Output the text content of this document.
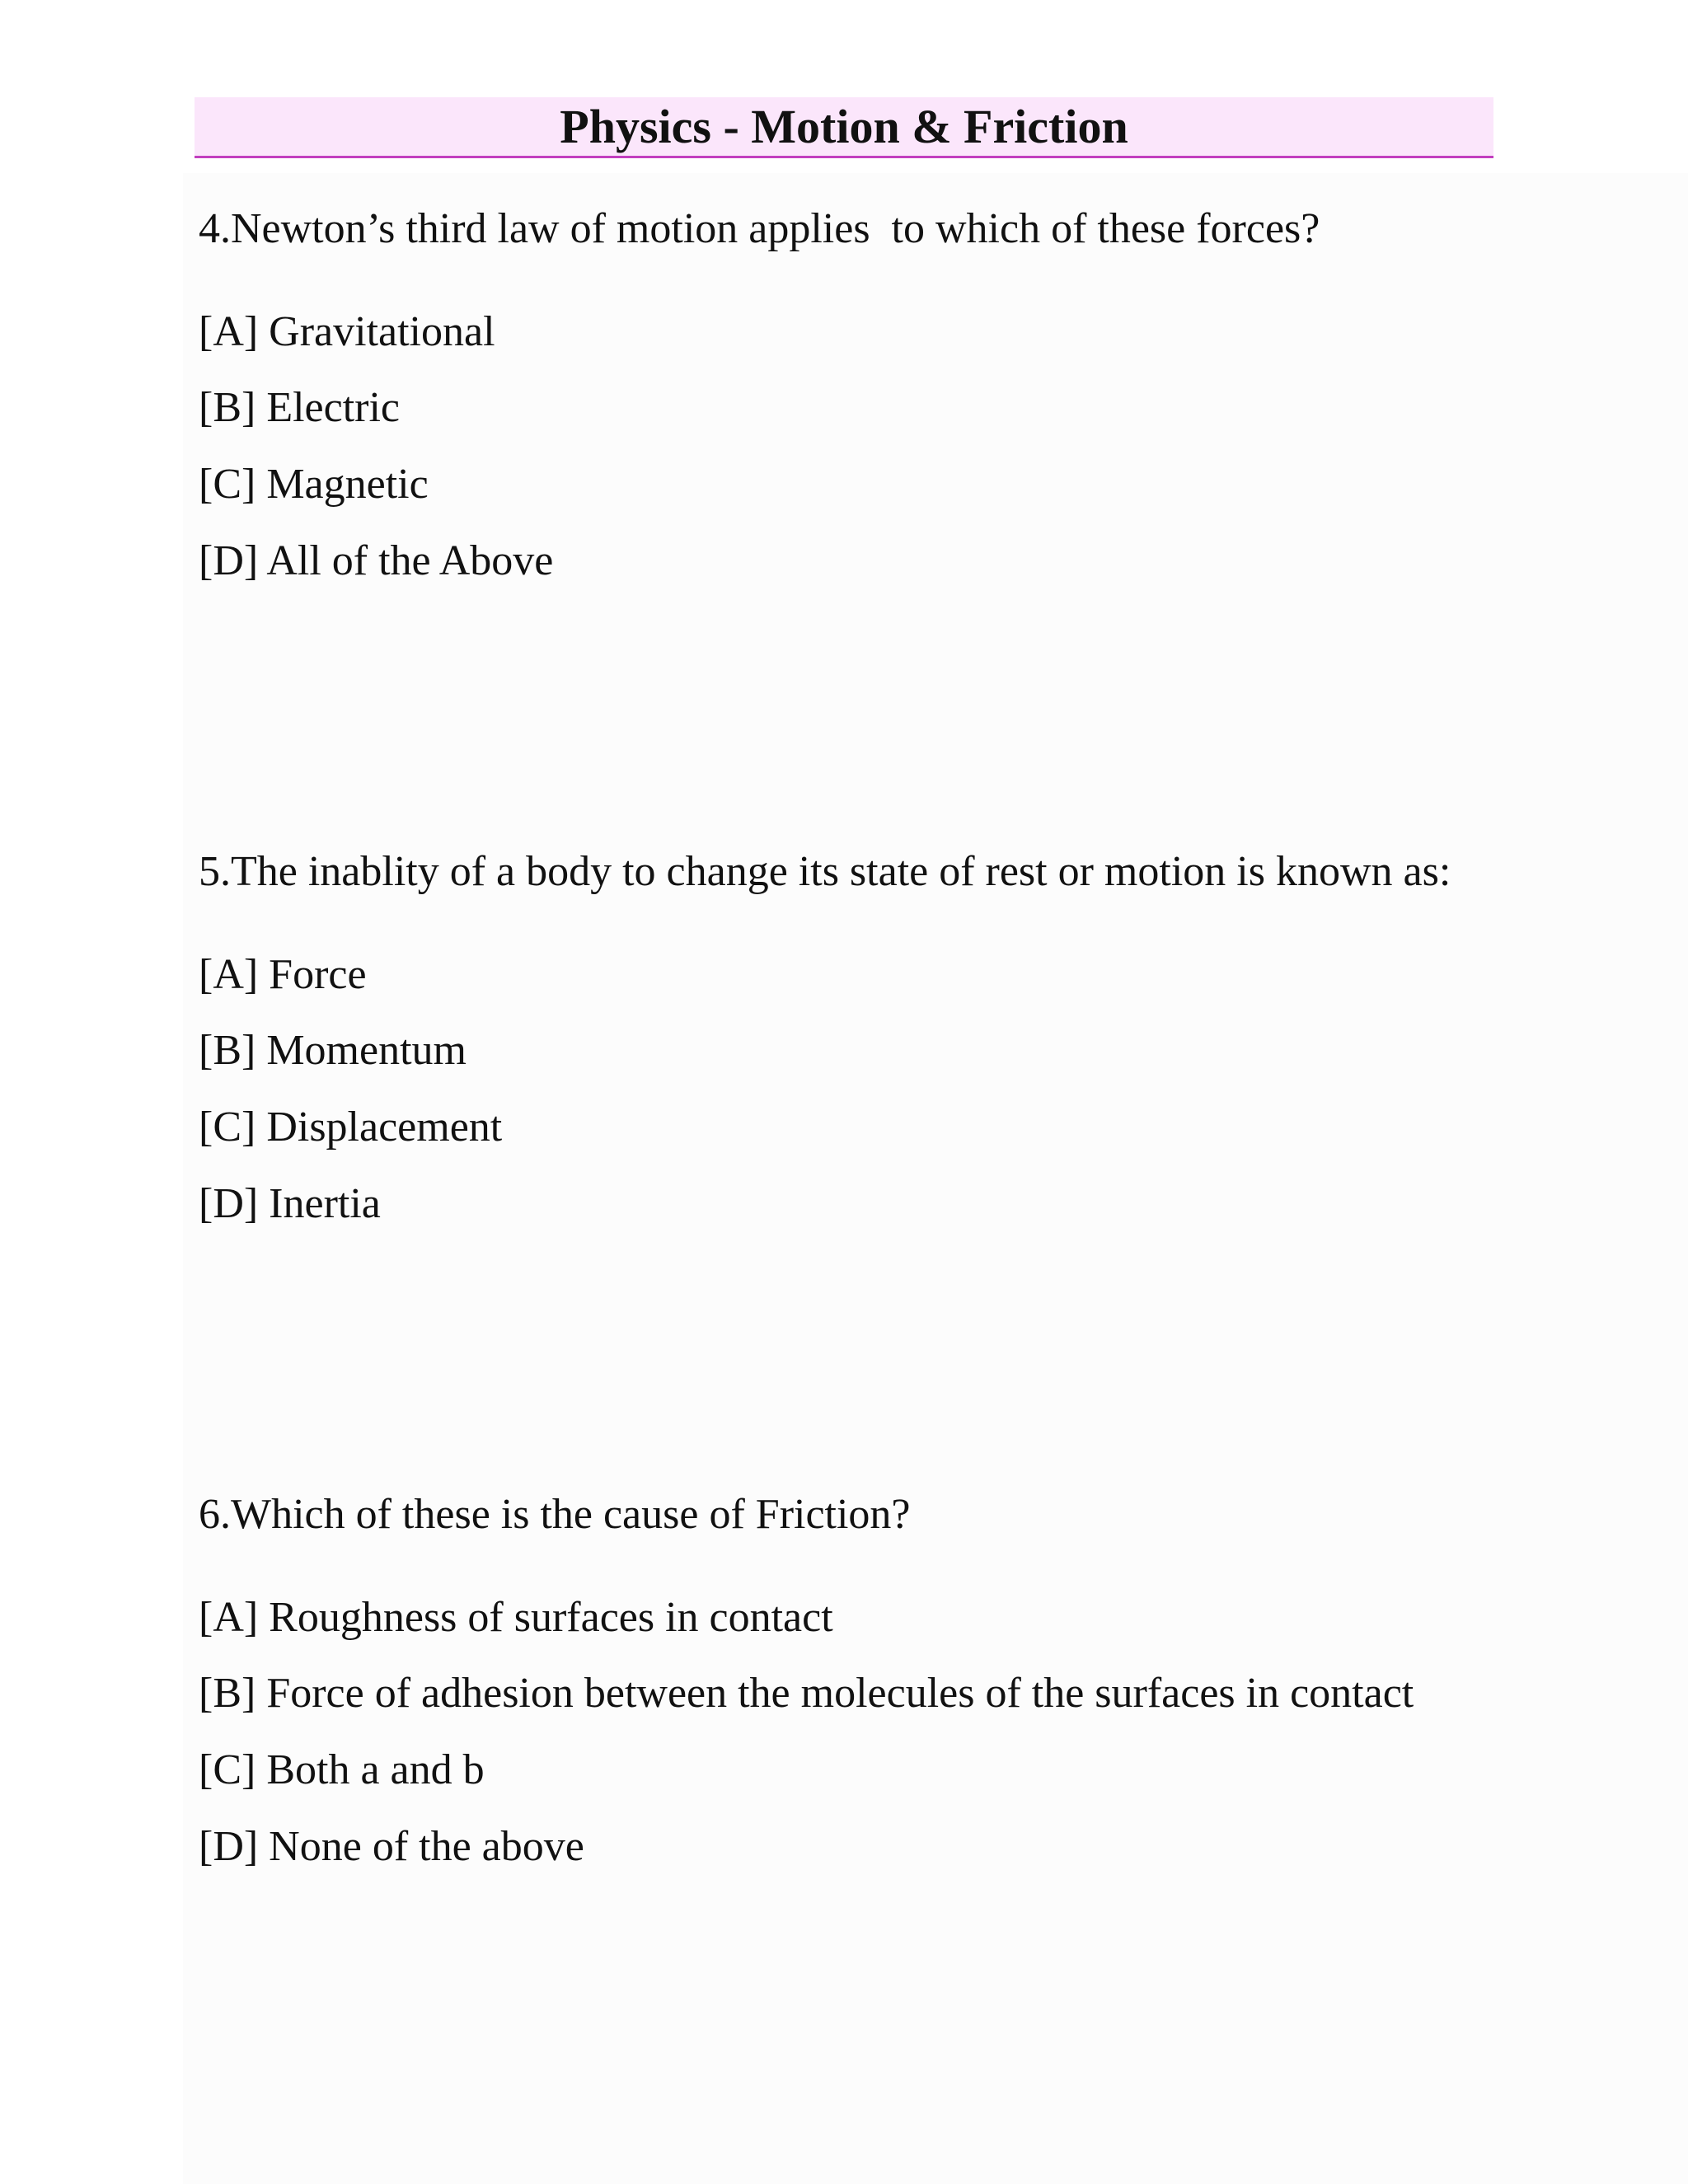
Physics - Motion & Friction

4.Newton’s third law of motion applies  to which of these forces?

[A] Gravitational
[B] Electric
[C] Magnetic
[D] All of the Above

5.The inablity of a body to change its state of rest or motion is known as:

[A] Force
[B] Momentum
[C] Displacement
[D] Inertia

6.Which of these is the cause of Friction?

[A] Roughness of surfaces in contact
[B] Force of adhesion between the molecules of the surfaces in contact
[C] Both a and b
[D] None of the above
